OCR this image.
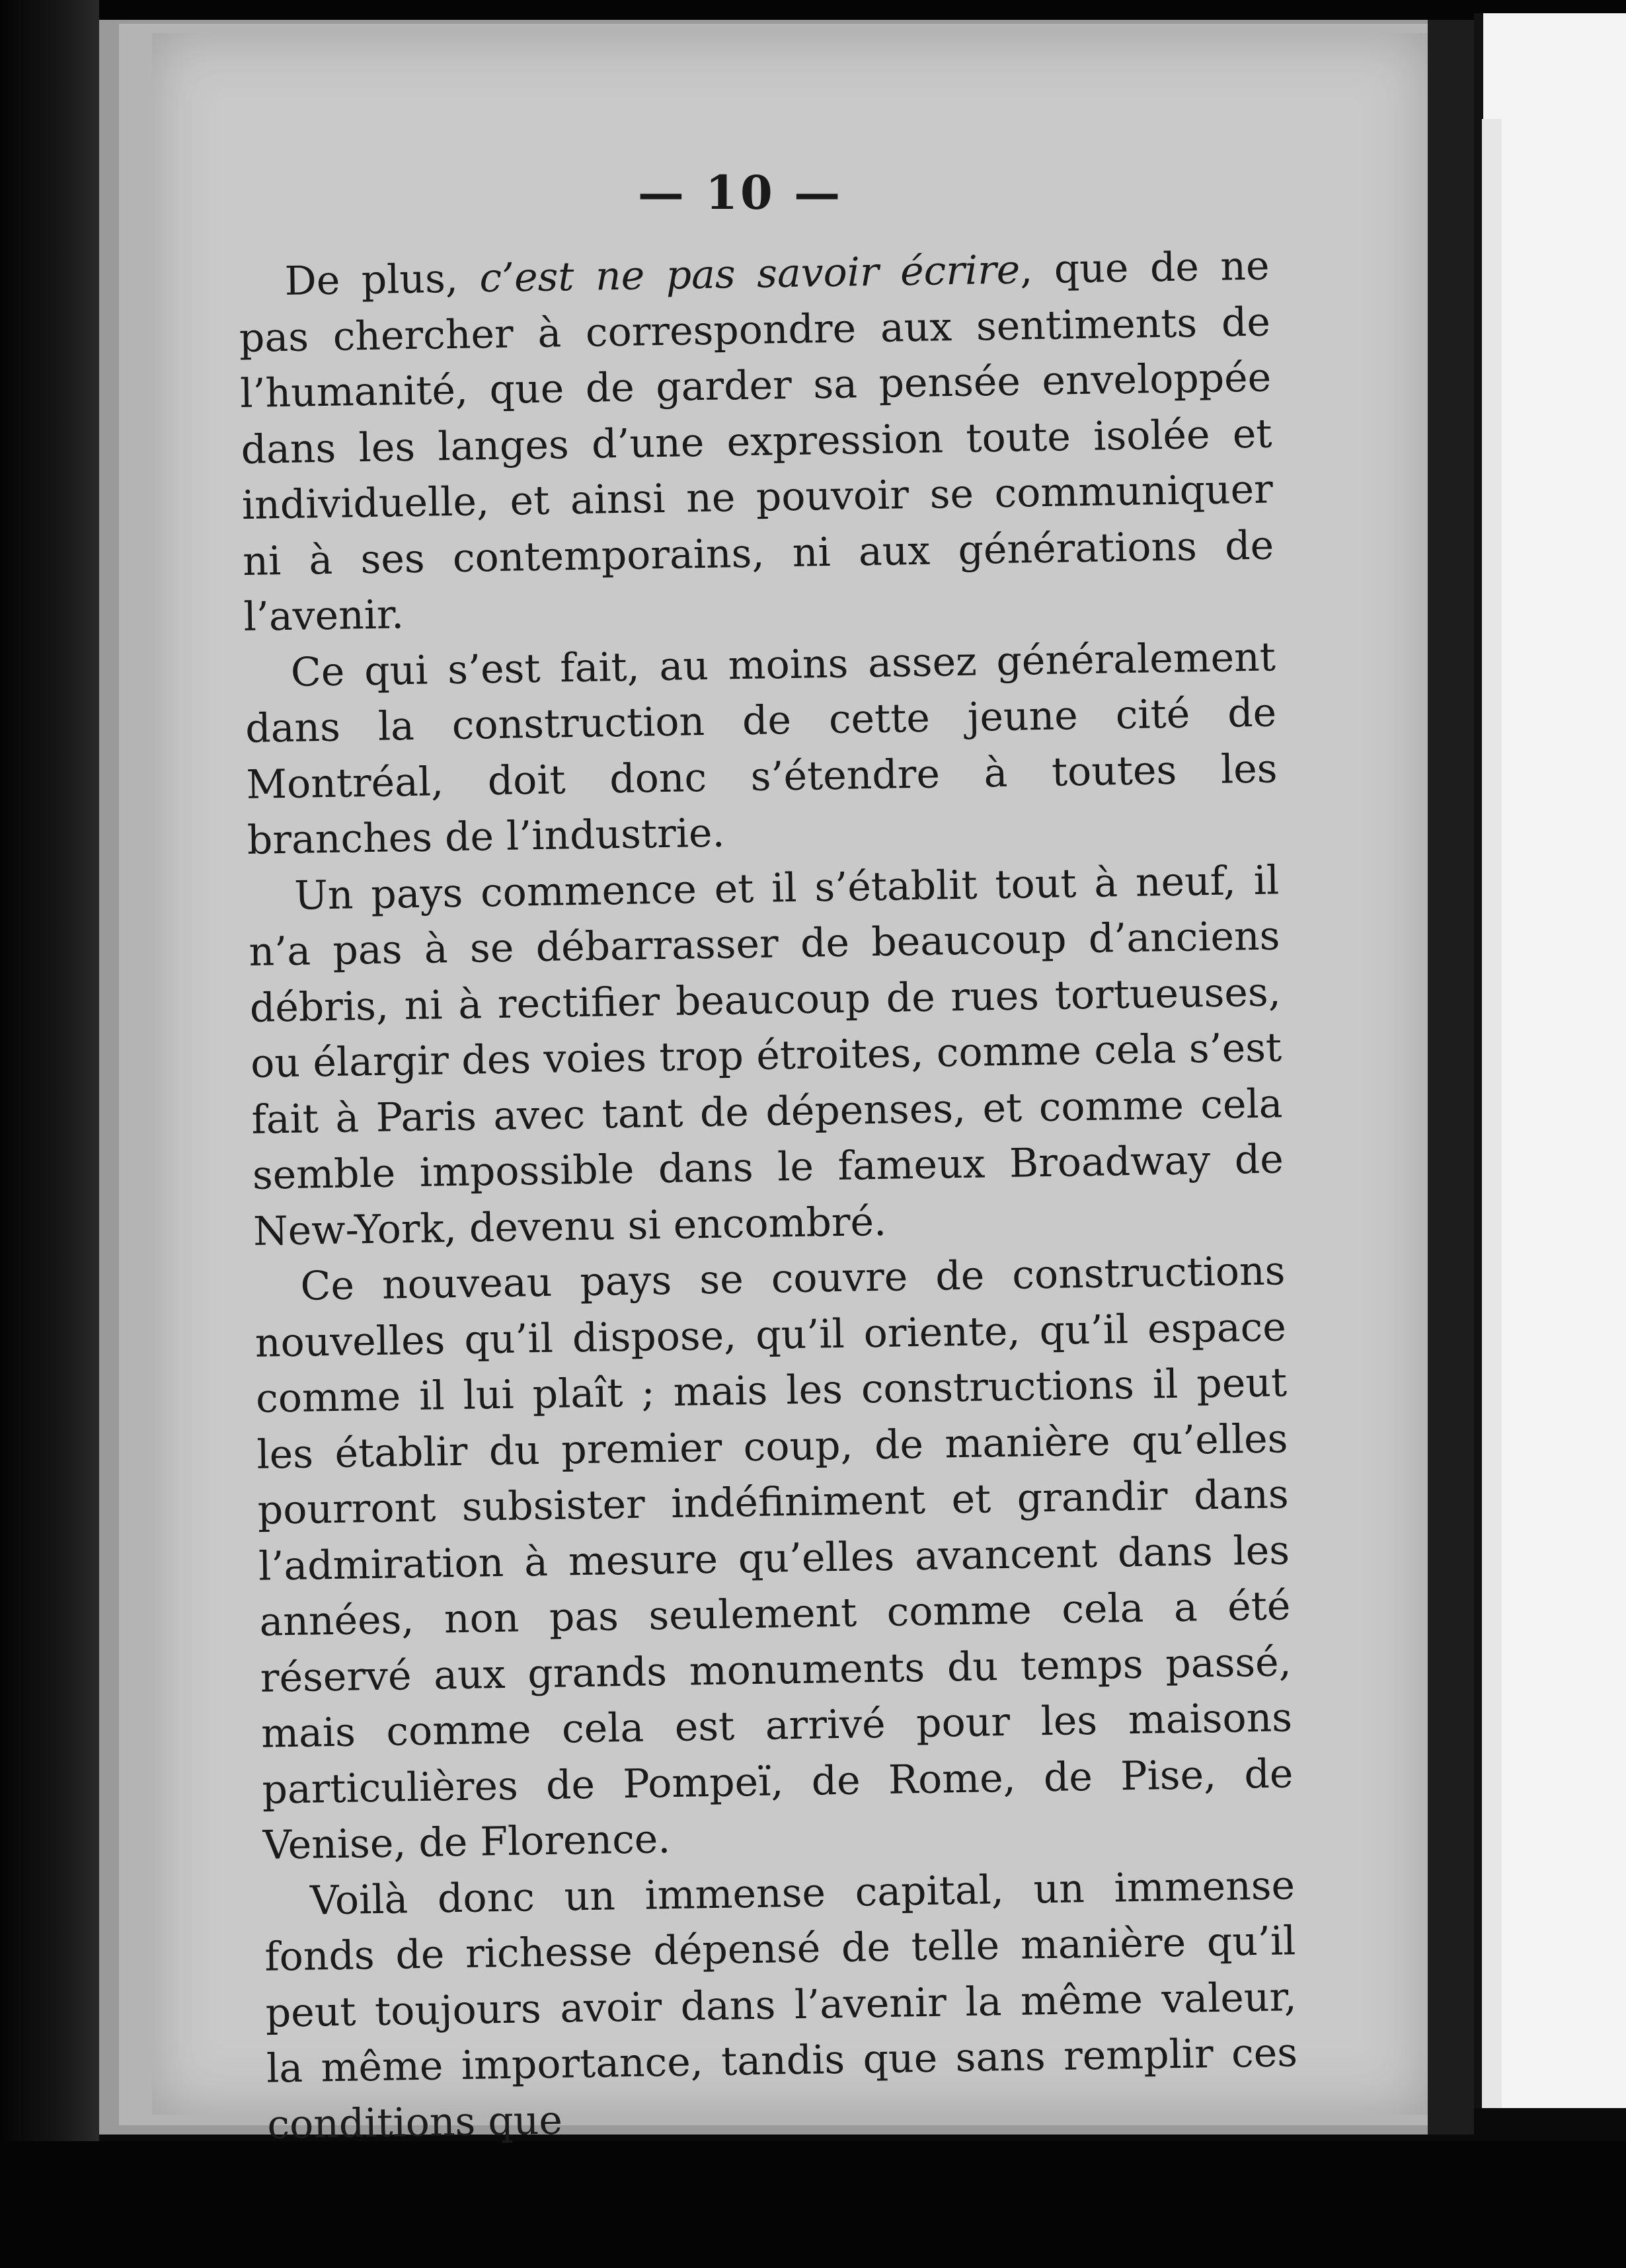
— 10 —

De plus, c’est ne pas savoir écrire, que de ne pas chercher à correspondre aux sentiments de l’humanité, que de garder sa pensée enveloppée dans les langes d’une expression toute isolée et individuelle, et ainsi ne pouvoir se communiquer ni à ses contemporains, ni aux générations de l’avenir.

Ce qui s’est fait, au moins assez généralement dans la construction de cette jeune cité de Montréal, doit donc s’étendre à toutes les branches de l’industrie.

Un pays commence et il s’établit tout à neuf, il n’a pas à se débarrasser de beaucoup d’anciens débris, ni à rectifier beaucoup de rues tortueuses, ou élargir des voies trop étroites, comme cela s’est fait à Paris avec tant de dépenses, et comme cela semble impossible dans le fameux Broadway de New-York, devenu si encombré.

Ce nouveau pays se couvre de constructions nouvelles qu’il dispose, qu’il oriente, qu’il espace comme il lui plaît ; mais les constructions il peut les établir du premier coup, de manière qu’elles pourront subsister indéfiniment et grandir dans l’admiration à mesure qu’elles avancent dans les années, non pas seulement comme cela a été réservé aux grands monuments du temps passé, mais comme cela est arrivé pour les maisons particulières de Pompeï, de Rome, de Pise, de Venise, de Florence.

Voilà donc un immense capital, un immense fonds de richesse dépensé de telle manière qu’il peut toujours avoir dans l’avenir la même valeur, la même importance, tandis que sans remplir ces conditions que
